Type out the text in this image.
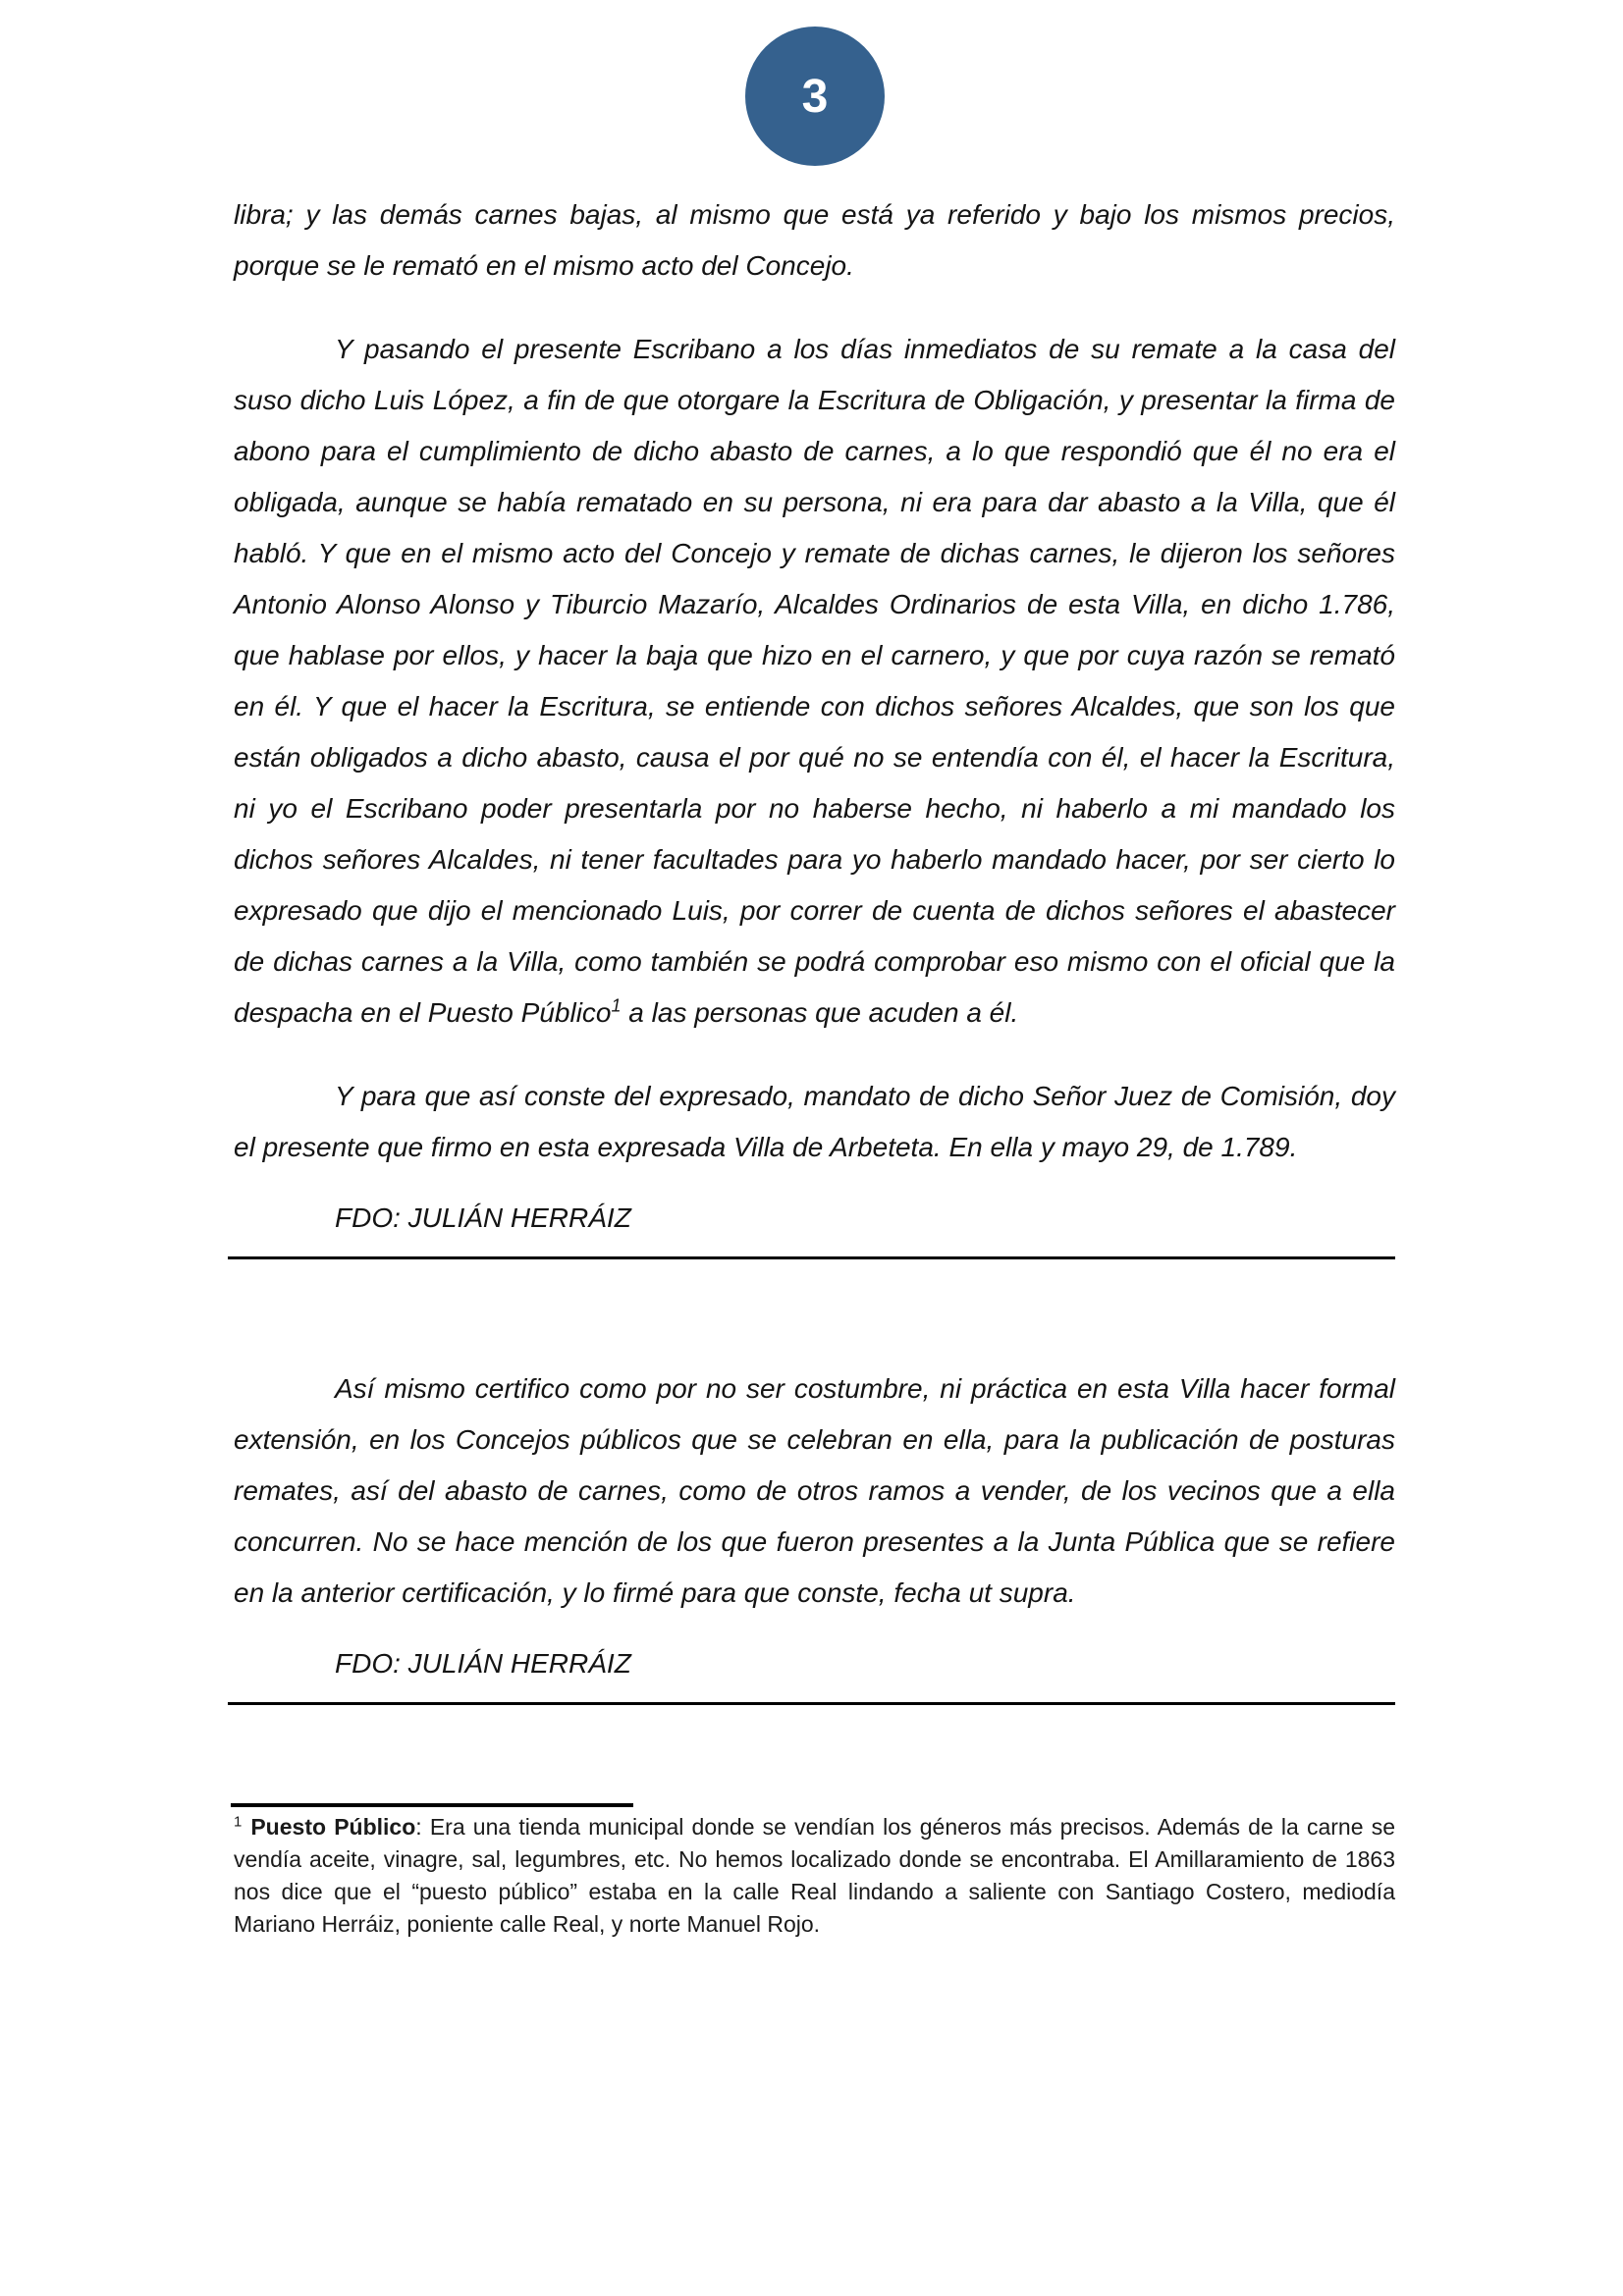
3

libra; y las demás carnes bajas, al mismo que está ya referido y bajo los mismos precios, porque se le remató en el mismo acto del Concejo.

Y pasando el presente Escribano a los días inmediatos de su remate a la casa del suso dicho Luis López, a fin de que otorgare la Escritura de Obligación, y presentar la firma de abono para el cumplimiento de dicho abasto de carnes, a lo que respondió que él no era el obligada, aunque se había rematado en su persona, ni era para dar abasto a la Villa, que él habló. Y que en el mismo acto del Concejo y remate de dichas carnes, le dijeron los señores Antonio Alonso Alonso y Tiburcio Mazarío, Alcaldes Ordinarios de esta Villa, en dicho 1.786, que hablase por ellos, y hacer la baja que hizo en el carnero, y que por cuya razón se remató en él. Y que el hacer la Escritura, se entiende con dichos señores Alcaldes, que son los que están obligados a dicho abasto, causa el por qué no se entendía con él, el hacer la Escritura, ni yo el Escribano poder presentarla por no haberse hecho, ni haberlo a mi mandado los dichos señores Alcaldes, ni tener facultades para yo haberlo mandado hacer, por ser cierto lo expresado que dijo el mencionado Luis, por correr de cuenta de dichos señores el abastecer de dichas carnes a la Villa, como también se podrá comprobar eso mismo con el oficial que la despacha en el Puesto Público$^1$ a las personas que acuden a él.

Y para que así conste del expresado, mandato de dicho Señor Juez de Comisión, doy el presente que firmo en esta expresada Villa de Arbeteta. En ella y mayo 29, de 1.789.

FDO: JULIÁN HERRÁIZ

Así mismo certifico como por no ser costumbre, ni práctica en esta Villa hacer formal extensión, en los Concejos públicos que se celebran en ella, para la publicación de posturas remates, así del abasto de carnes, como de otros ramos a vender, de los vecinos que a ella concurren. No se hace mención de los que fueron presentes a la Junta Pública que se refiere en la anterior certificación, y lo firmé para que conste, fecha ut supra.

FDO: JULIÁN HERRÁIZ

$^1$ Puesto Público: Era una tienda municipal donde se vendían los géneros más precisos. Además de la carne se vendía aceite, vinagre, sal, legumbres, etc. No hemos localizado donde se encontraba. El Amillaramiento de 1863 nos dice que el “puesto público” estaba en la calle Real lindando a saliente con Santiago Costero, mediodía Mariano Herráiz, poniente calle Real, y norte Manuel Rojo.
